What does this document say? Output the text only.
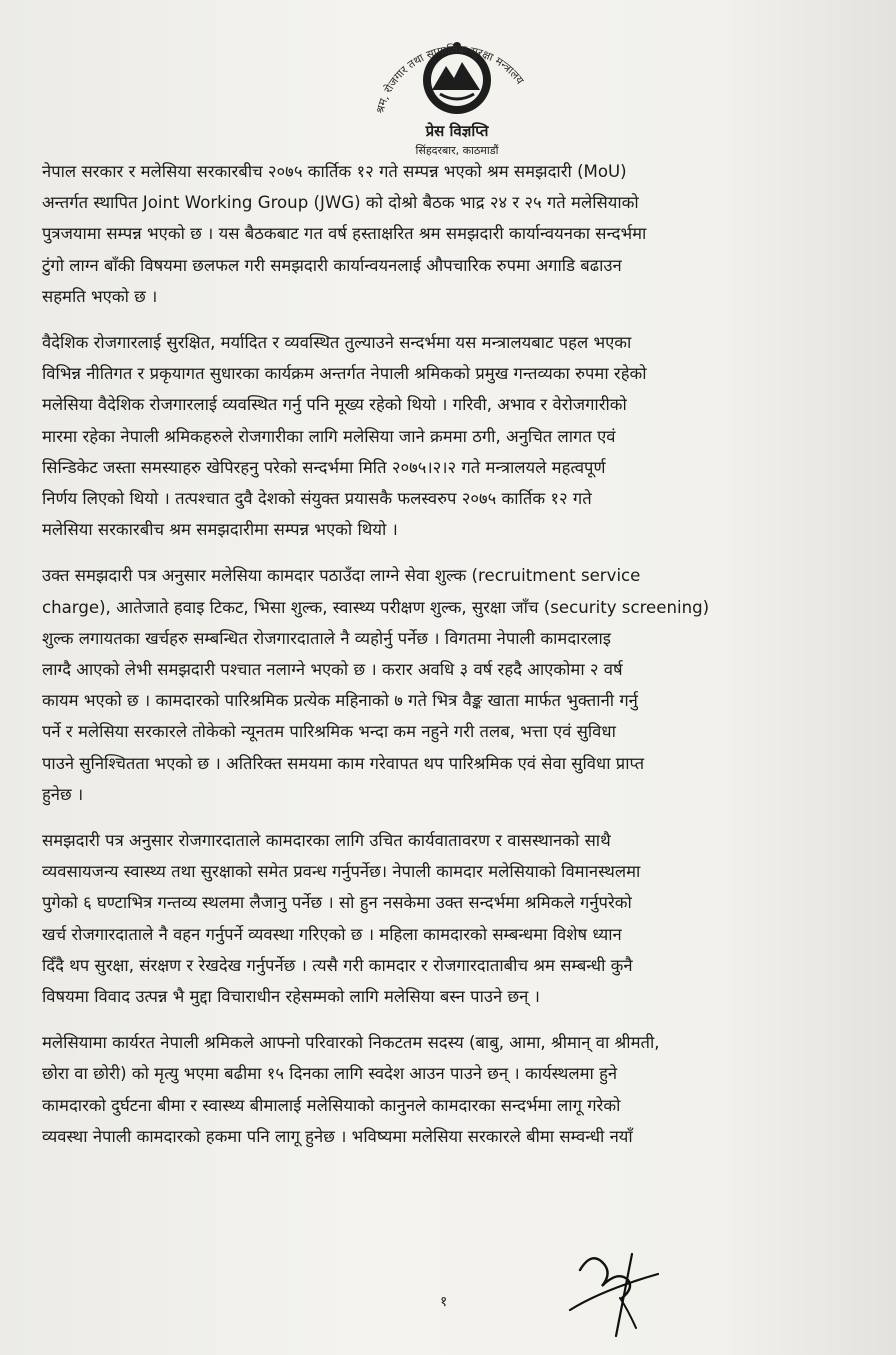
श्रम, रोजगार तथा सामाजिक सुरक्षा मन्त्रालय
प्रेस विज्ञप्ति
सिंहदरबार, काठमाडौं
नेपाल सरकार र मलेसिया सरकारबीच २०७५ कार्तिक १२ गते सम्पन्न भएको श्रम समझदारी (MoU)
अन्तर्गत स्थापित Joint Working Group (JWG) को दोश्रो बैठक भाद्र २४ र २५ गते मलेसियाको
पुत्रजयामा सम्पन्न भएको छ । यस बैठकबाट गत वर्ष हस्ताक्षरित श्रम समझदारी कार्यान्वयनका सन्दर्भमा
टुंगो लाग्न बाँकी विषयमा छलफल गरी समझदारी कार्यान्वयनलाई औपचारिक रुपमा अगाडि बढाउन
सहमति भएको छ ।
वैदेशिक रोजगारलाई सुरक्षित, मर्यादित र व्यवस्थित तुल्याउने सन्दर्भमा यस मन्त्रालयबाट पहल भएका
विभिन्न नीतिगत र प्रकृयागत सुधारका कार्यक्रम अन्तर्गत नेपाली श्रमिकको प्रमुख गन्तव्यका रुपमा रहेको
मलेसिया वैदेशिक रोजगारलाई व्यवस्थित गर्नु पनि मूख्य रहेको थियो । गरिवी, अभाव र वेरोजगारीको
मारमा रहेका नेपाली श्रमिकहरुले रोजगारीका लागि मलेसिया जाने क्रममा ठगी, अनुचित लागत एवं
सिन्डिकेट जस्ता समस्याहरु खेपिरहनु परेको सन्दर्भमा मिति २०७५।२।२ गते मन्त्रालयले महत्वपूर्ण
निर्णय लिएको थियो । तत्पश्चात दुवै देशको संयुक्त प्रयासकै फलस्वरुप २०७५ कार्तिक १२ गते
मलेसिया सरकारबीच श्रम समझदारीमा सम्पन्न भएको थियो ।
उक्त समझदारी पत्र अनुसार मलेसिया कामदार पठाउँदा लाग्ने सेवा शुल्क (recruitment service
charge), आतेजाते हवाइ टिकट, भिसा शुल्क, स्वास्थ्य परीक्षण शुल्क, सुरक्षा जाँच (security screening)
शुल्क लगायतका खर्चहरु सम्बन्धित रोजगारदाताले नै व्यहोर्नु पर्नेछ । विगतमा नेपाली कामदारलाइ
लाग्दै आएको लेभी समझदारी पश्चात नलाग्ने भएको छ । करार अवधि ३ वर्ष रहदै आएकोमा २ वर्ष
कायम भएको छ । कामदारको पारिश्रमिक प्रत्येक महिनाको ७ गते भित्र वैङ्क खाता मार्फत भुक्तानी गर्नु
पर्ने र मलेसिया सरकारले तोकेको न्यूनतम पारिश्रमिक भन्दा कम नहुने गरी तलब, भत्ता एवं सुविधा
पाउने सुनिश्चितता भएको छ । अतिरिक्त समयमा काम गरेवापत थप पारिश्रमिक एवं सेवा सुविधा प्राप्त
हुनेछ ।
समझदारी पत्र अनुसार रोजगारदाताले कामदारका लागि उचित कार्यवातावरण र वासस्थानको साथै
व्यवसायजन्य स्वास्थ्य तथा सुरक्षाको समेत प्रवन्ध गर्नुपर्नेछ। नेपाली कामदार मलेसियाको विमानस्थलमा
पुगेको ६ घण्टाभित्र गन्तव्य स्थलमा लैजानु पर्नेछ । सो हुन नसकेमा उक्त सन्दर्भमा श्रमिकले गर्नुपरेको
खर्च रोजगारदाताले नै वहन गर्नुपर्ने व्यवस्था गरिएको छ । महिला कामदारको सम्बन्धमा विशेष ध्यान
दिँदै थप सुरक्षा, संरक्षण र रेखदेख गर्नुपर्नेछ । त्यसै गरी कामदार र रोजगारदाताबीच श्रम सम्बन्धी कुनै
विषयमा विवाद उत्पन्न भै मुद्दा विचाराधीन रहेसम्मको लागि मलेसिया बस्न पाउने छन् ।
मलेसियामा कार्यरत नेपाली श्रमिकले आफ्नो परिवारको निकटतम सदस्य (बाबु, आमा, श्रीमान् वा श्रीमती,
छोरा वा छोरी) को मृत्यु भएमा बढीमा १५ दिनका लागि स्वदेश आउन पाउने छन् । कार्यस्थलमा हुने
कामदारको दुर्घटना बीमा र स्वास्थ्य बीमालाई मलेसियाको कानुनले कामदारका सन्दर्भमा लागू गरेको
व्यवस्था नेपाली कामदारको हकमा पनि लागू हुनेछ । भविष्यमा मलेसिया सरकारले बीमा सम्वन्धी नयाँ
१
